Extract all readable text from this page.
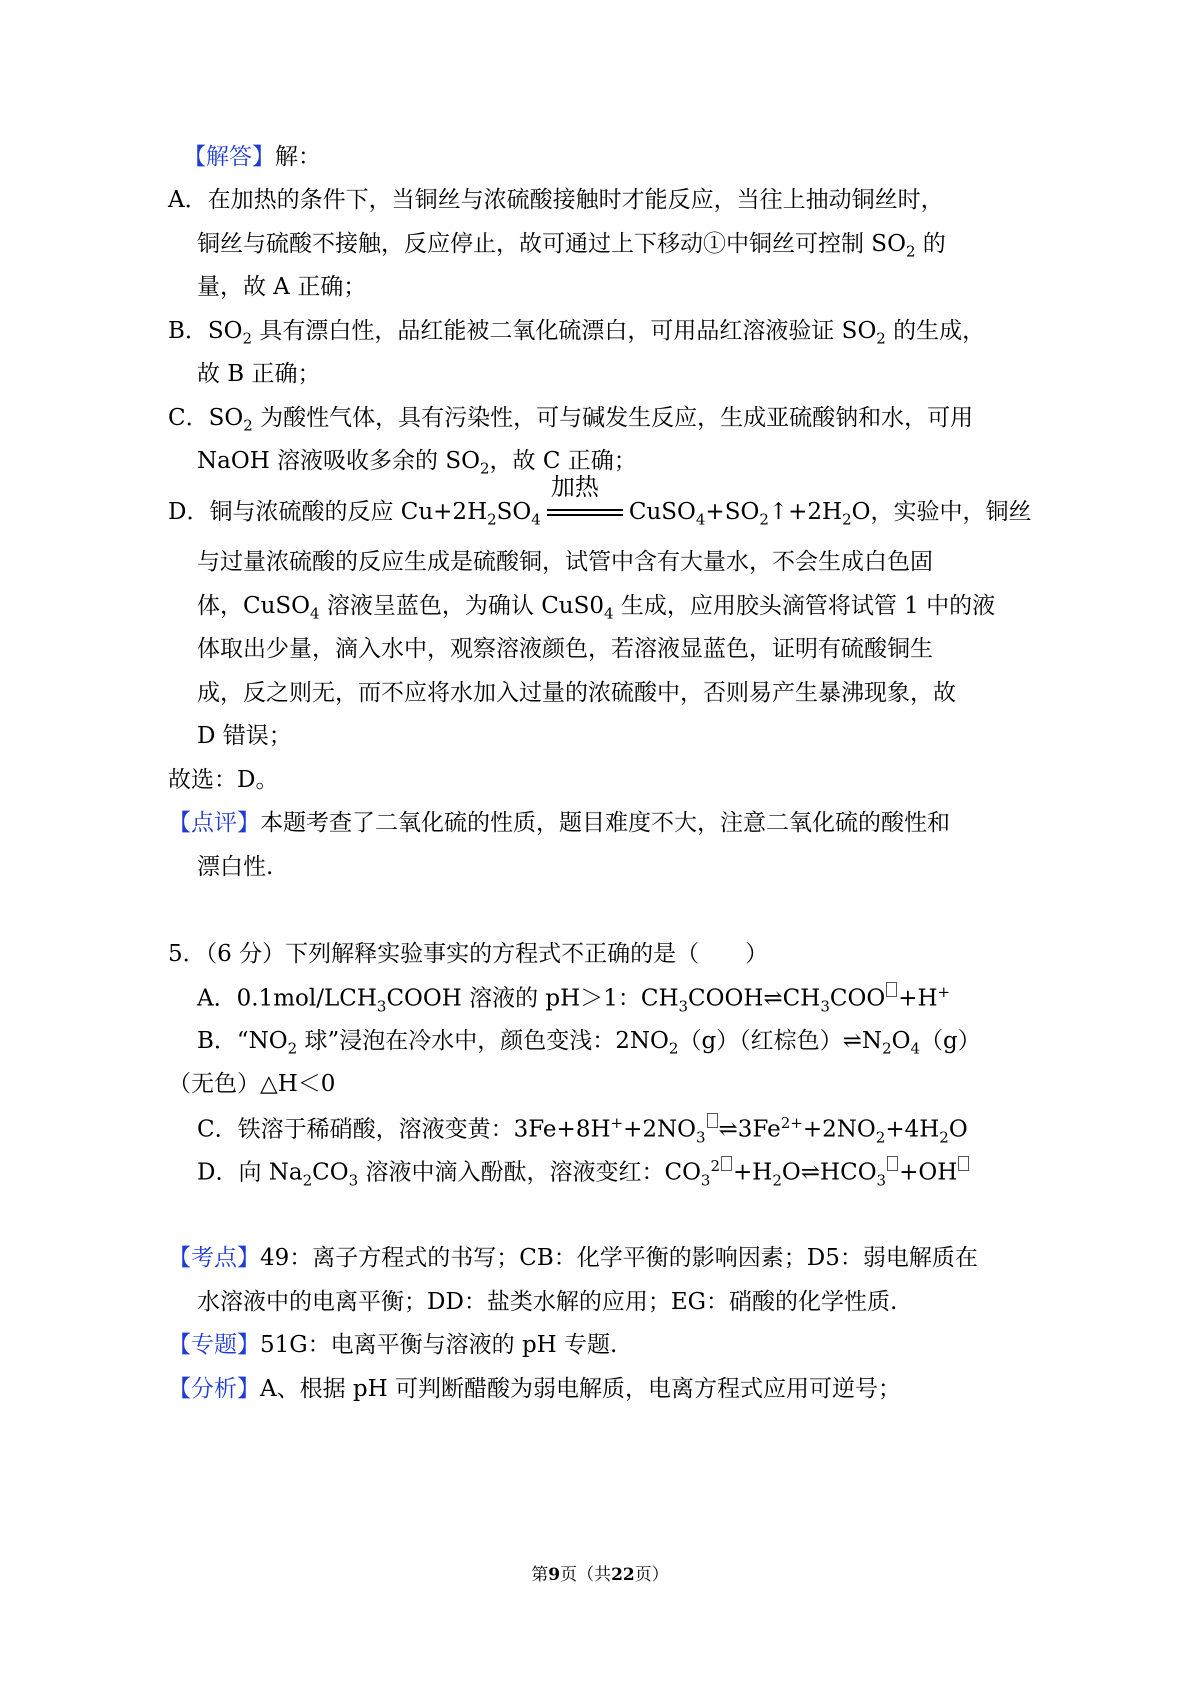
【解答】解：
A．在加热的条件下，当铜丝与浓硫酸接触时才能反应，当往上抽动铜丝时，
铜丝与硫酸不接触，反应停止，故可通过上下移动①中铜丝可控制 $SO_2$ 的
量，故 A 正确；
B．$SO_2$ 具有漂白性，品红能被二氧化硫漂白，可用品红溶液验证 $SO_2$ 的生成，
故 B 正确；
C．$SO_2$ 为酸性气体，具有污染性，可与碱发生反应，生成亚硫酸钠和水，可用
NaOH 溶液吸收多余的 $SO_2$，故 C 正确；
D．铜与浓硫酸的反应 $Cu+2H_2SO_4$
加热
$CuSO_4+SO_2↑+2H_2O$，实验中，铜丝
与过量浓硫酸的反应生成是硫酸铜，试管中含有大量水，不会生成白色固
体，CuSO$_4$ 溶液呈蓝色，为确认 $CuS0_4$ 生成，应用胶头滴管将试管 1 中的液
体取出少量，滴入水中，观察溶液颜色，若溶液显蓝色，证明有硫酸铜生
成，反之则无，而不应将水加入过量的浓硫酸中，否则易产生暴沸现象，故
D 错误；
故选：D。
【点评】本题考查了二氧化硫的性质，题目难度不大，注意二氧化硫的酸性和
漂白性.
5．（6 分）下列解释实验事实的方程式不正确的是（　　）
A．$0.1mol/LCH_3COOH$ 溶液的 pH＞1：$CH_3COOH\rightleftharpoons CH_3COO +H^+$
B．“$NO_2$ 球”浸泡在冷水中，颜色变浅：$2NO_2(g)$（红棕色）$\rightleftharpoons N_2O_4(g)$
（无色）△H＜0
C．铁溶于稀硝酸，溶液变黄：$3Fe+8H^++2NO_3$ $\rightleftharpoons 3Fe^{2+}+2NO_2+4H_2O$
D．向 $Na_2CO_3$ 溶液中滴入酚酞，溶液变红：$CO_3^2$ $+H_2O\rightleftharpoons HCO_3 +OH$
【考点】49：离子方程式的书写；CB：化学平衡的影响因素；D5：弱电解质在
水溶液中的电离平衡；DD：盐类水解的应用；EG：硝酸的化学性质.
【专题】51G：电离平衡与溶液的 pH 专题.
【分析】A、根据 pH 可判断醋酸为弱电解质，电离方程式应用可逆号；
第9页（共22页）
